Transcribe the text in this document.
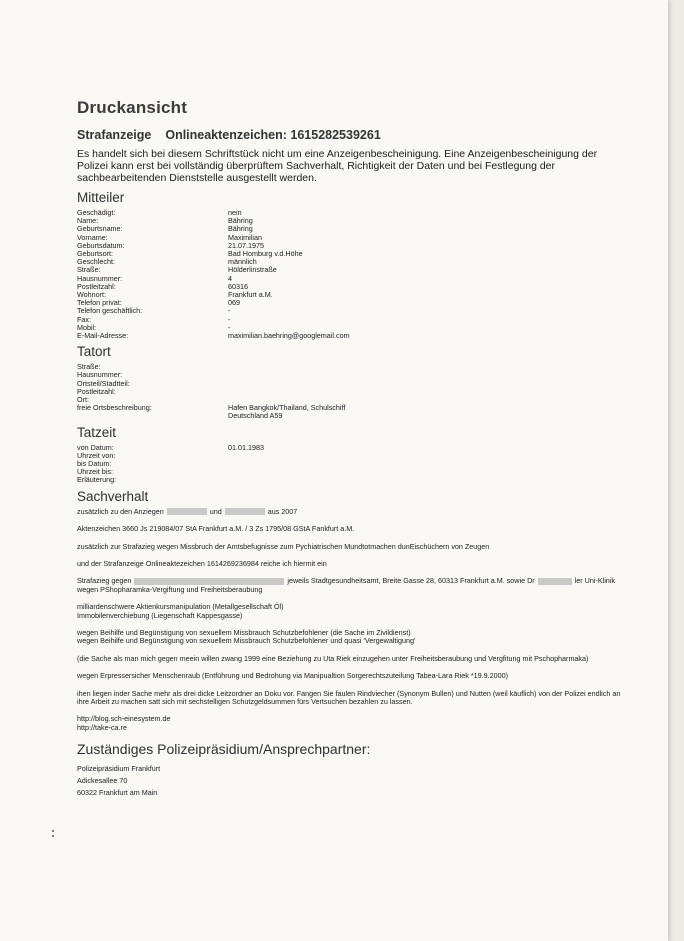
Druckansicht
Strafanzeige Onlineaktenzeichen: 1615282539261

Es handelt sich bei diesem Schriftstück nicht um eine Anzeigenbescheinigung. Eine Anzeigenbescheinigung der Polizei kann erst bei vollständig überprüftem Sachverhalt, Richtigkeit der Daten und bei Festlegung der sachbearbeitenden Dienststelle ausgestellt werden.

Mitteiler
Geschädigt:	nein
Name:	Bähring
Geburtsname:	Bähring
Vorname:	Maximilian
Geburtsdatum:	21.07.1975
Geburtsort:	Bad Homburg v.d.Höhe
Geschlecht:	männlich
Straße:	Hölderlinstraße
Hausnummer:	4
Postleitzahl:	60316
Wohnort:	Frankfurt a.M.
Telefon privat:	069
Telefon geschäftlich:	-
Fax:	-
Mobil:	-
E-Mail-Adresse:	maximilian.baehring@googlemail.com
Tatort
Straße:
Hausnummer:
Ortsteil/Stadtteil:
Postleitzahl:
Ort:
freie Ortsbeschreibung:	Hafen Bangkok/Thailand, Schulschiff
Deutschland A59
Tatzeit
von Datum:	01.01.1983
Uhrzeit von:
bis Datum:
Uhrzeit bis:
Erläuterung:
Sachverhalt

zusätzlich zu den Anziegen	und	aus 2007

Aktenzeichen 3660 Js 219084/07 StA Frankfurt a.M. / 3 Zs 1795/08 GStA Fankfurt a.M.

zusätzlich zur Strafazieg wegen Missbruch der Amtsbefugnisse zum Pychiatrischen Mundtotmachen dunEischüchern von Zeugen

und der Strafanzeige Onlineaktezeichen 1614269236984 reiche ich hiermit ein

Strafazieg gegen	jeweils Stadtgesundheitsamt, Breite Gasse 28, 60313 Frankfurt a.M. sowie Dr	ler Uni-Klinik wegen PShopharamka-Vergiftung und Freiheitsberaubung

milliardenschwere Aktienkursmanipulation (Metallgesellschaft Öl)
Immobilenverchiebung (Liegenschaft Kappesgasse)

wegen Beihilfe und Begünstigung von sexuellem Missbrauch Schutzbefohlener (die Sache im Zivildienst)
wegen Beihilfe und Begünstigung von sexuellem Missbrauch Schutzbefohlener und quasi 'Vergewaltigung'

(die Sache als man mich gegen meein willen zwang 1999 eine Beziehung zu Uta Riek einzugehen unter Freiheitsberaubung und Vergfitung mit Pschopharmaka)

wegen Erpressersicher Menschenraub (Entführung und Bedrohung via Manipualtion Sorgerechtszuteilung Tabea-Lara Riek *19.9.2000)

ihen liegen inder Sache mehr als drei dicke Leitzordner an Doku vor. Fangen Sie faulen Rindviecher (Synonym Bullen) und Nutten (weil käuflich) von der Polizei endlich an ihre Arbeit zu machen satt sich mit sechstelligen Schutzgeldsummen fürs Vertsuchen bezahlen zu lassen.

http://blog.sch-einesystem.de
http://take-ca.re

Zuständiges Polizeipräsidium/Ansprechpartner:
Polizeipräsidium Frankfurt
Adickesallee 70
60322 Frankfurt am Main
